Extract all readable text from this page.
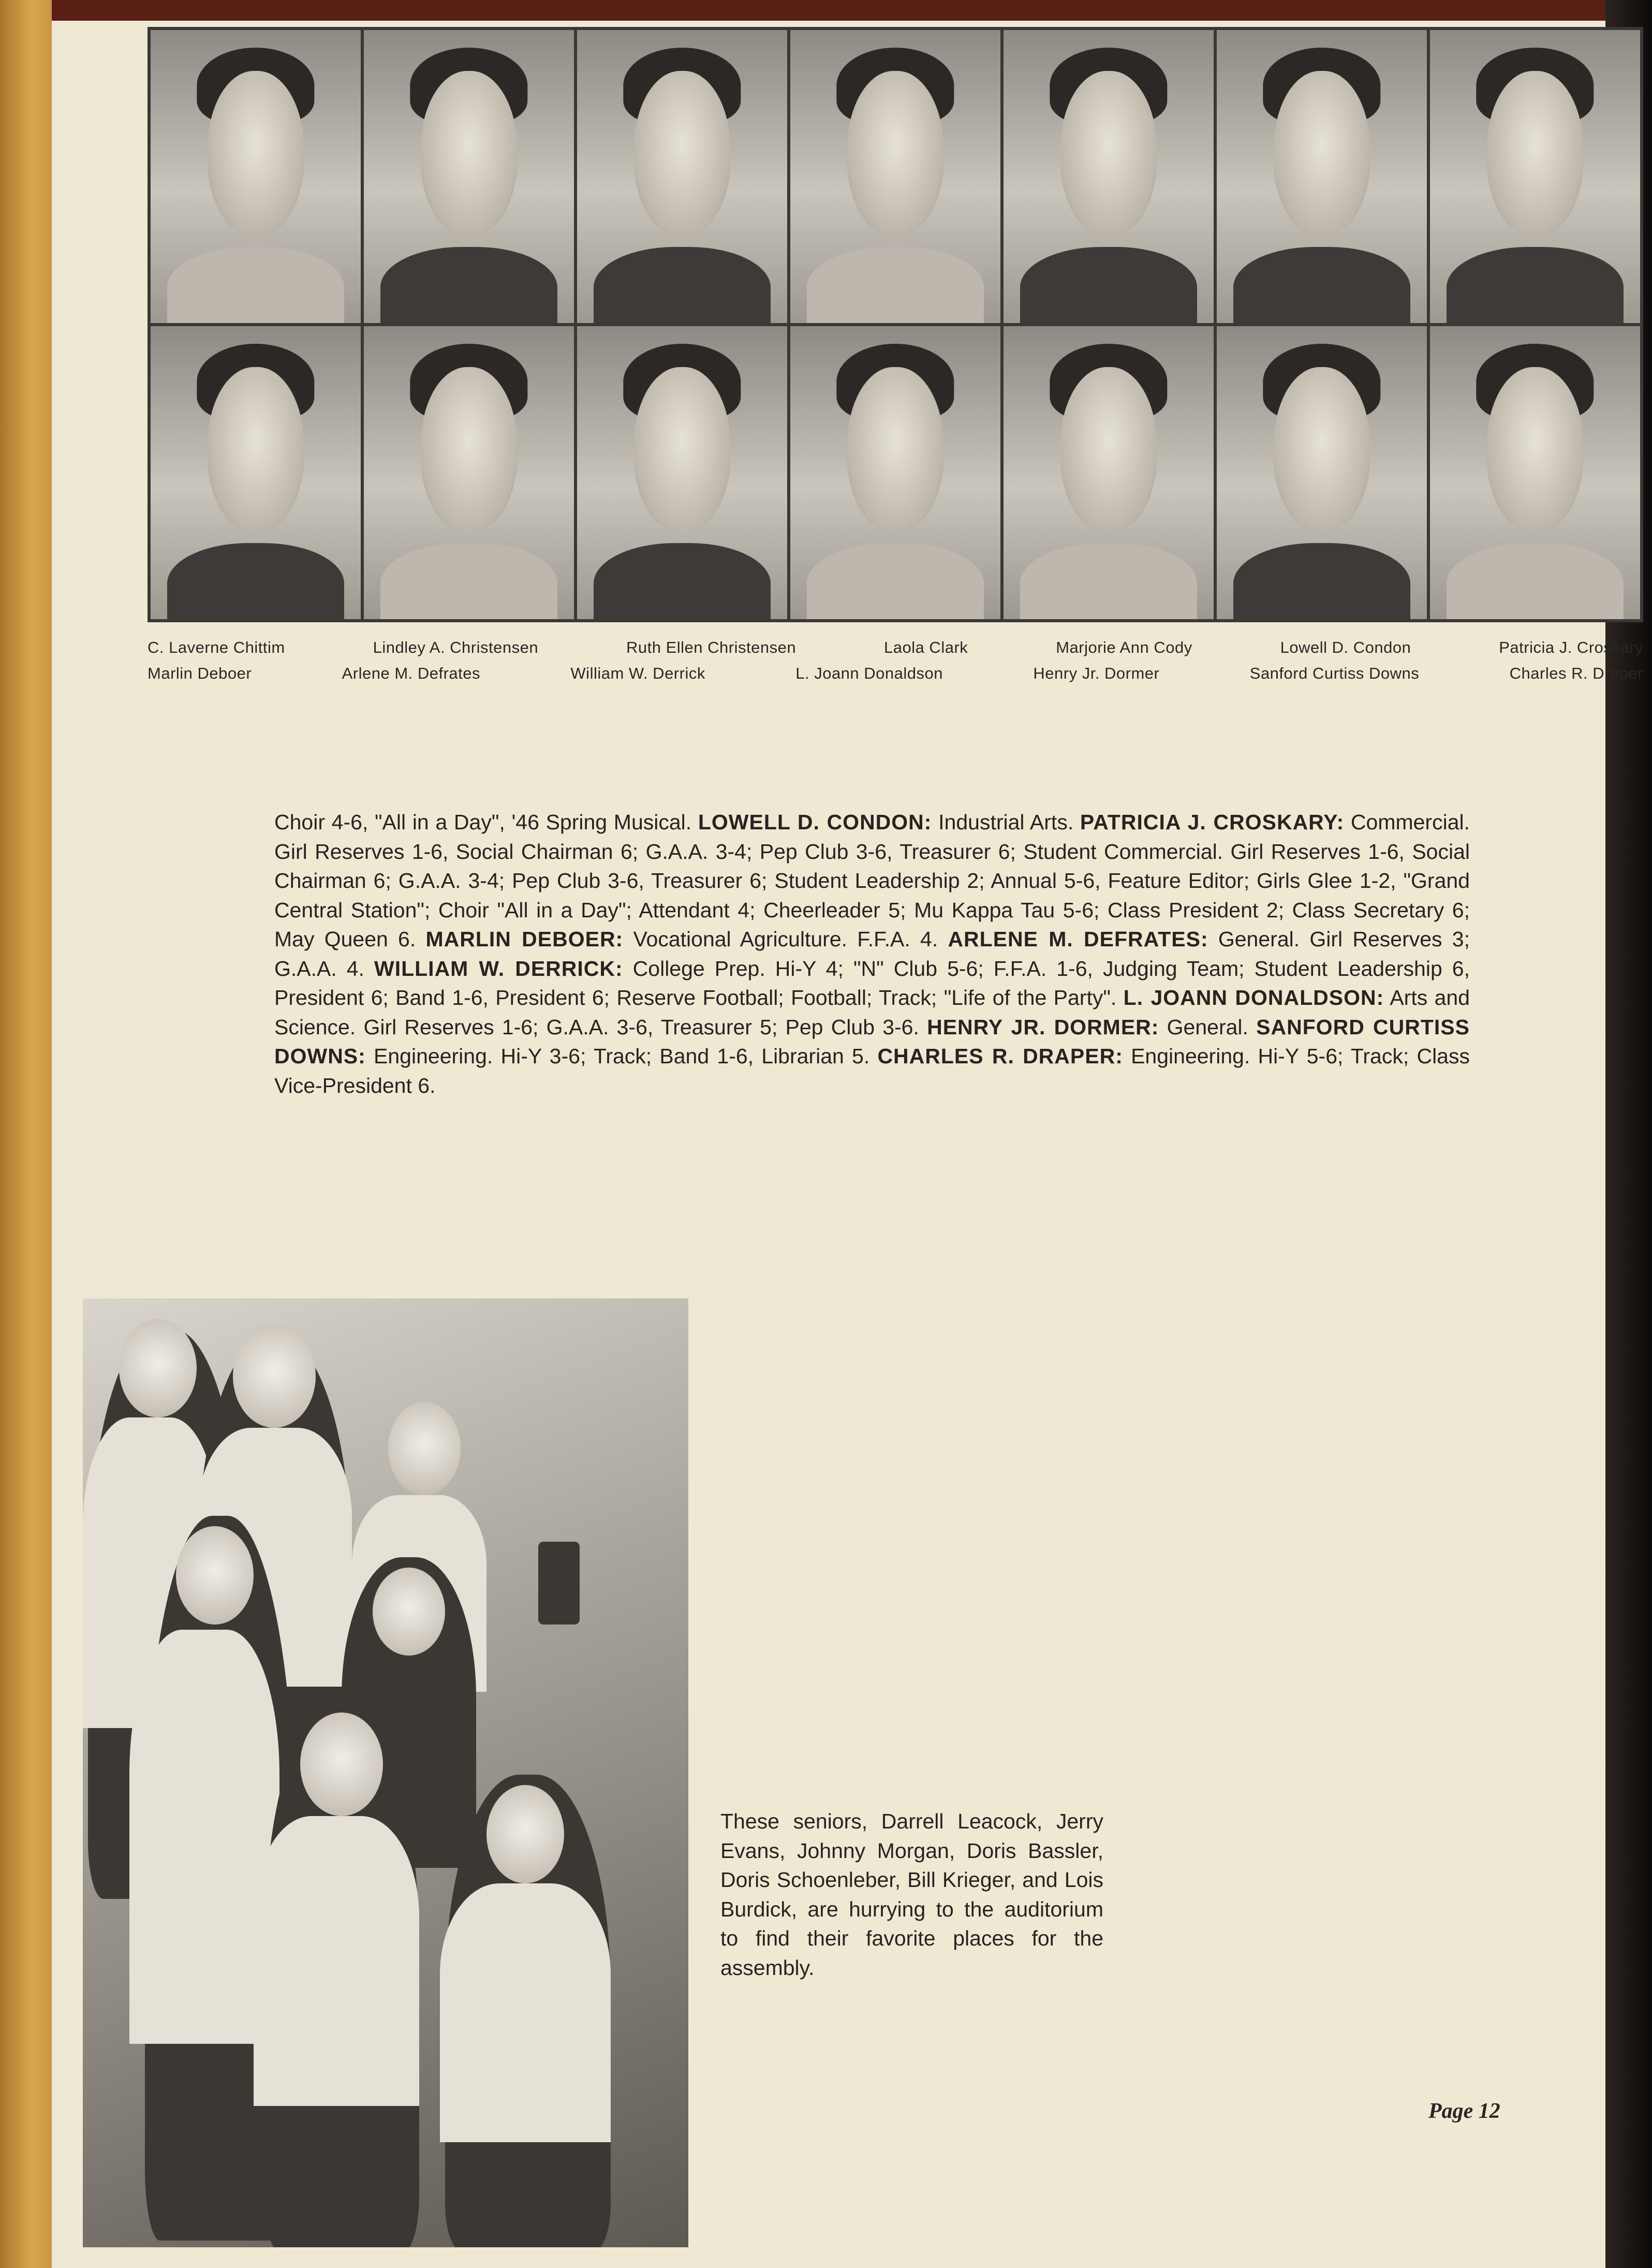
C. Laverne Chittim	Lindley A. Christensen	Ruth Ellen Christensen	Laola Clark	Marjorie Ann Cody	Lowell D. Condon	Patricia J. Croskary
Marlin Deboer	Arlene M. Defrates	William W. Derrick	L. Joann Donaldson	Henry Jr. Dormer	Sanford Curtiss Downs	Charles R. Draper
Choir 4-6, "All in a Day", '46 Spring Musical. LOWELL D. CONDON: Industrial Arts. PATRICIA J. CROSKARY: Commercial. Girl Reserves 1-6, Social Chairman 6; G.A.A. 3-4; Pep Club 3-6, Treasurer 6; Student Commercial. Girl Reserves 1-6, Social Chairman 6; G.A.A. 3-4; Pep Club 3-6, Treasurer 6; Student Leadership 2; Annual 5-6, Feature Editor; Girls Glee 1-2, "Grand Central Station"; Choir "All in a Day"; Attendant 4; Cheerleader 5; Mu Kappa Tau 5-6; Class President 2; Class Secretary 6; May Queen 6. MARLIN DEBOER: Vocational Agriculture. F.F.A. 4. ARLENE M. DEFRATES: General. Girl Reserves 3; G.A.A. 4. WILLIAM W. DERRICK: College Prep. Hi-Y 4; "N" Club 5-6; F.F.A. 1-6, Judging Team; Student Leadership 6, President 6; Band 1-6, President 6; Reserve Football; Football; Track; "Life of the Party". L. JOANN DONALDSON: Arts and Science. Girl Reserves 1-6; G.A.A. 3-6, Treasurer 5; Pep Club 3-6. HENRY JR. DORMER: General. SANFORD CURTISS DOWNS: Engineering. Hi-Y 3-6; Track; Band 1-6, Librarian 5. CHARLES R. DRAPER: Engineering. Hi-Y 5-6; Track; Class Vice-President 6.
These seniors, Darrell Leacock, Jerry Evans, Johnny Morgan, Doris Bassler, Doris Schoenleber, Bill Krieger, and Lois Burdick, are hurrying to the auditorium to find their favorite places for the assembly.
Page 12
